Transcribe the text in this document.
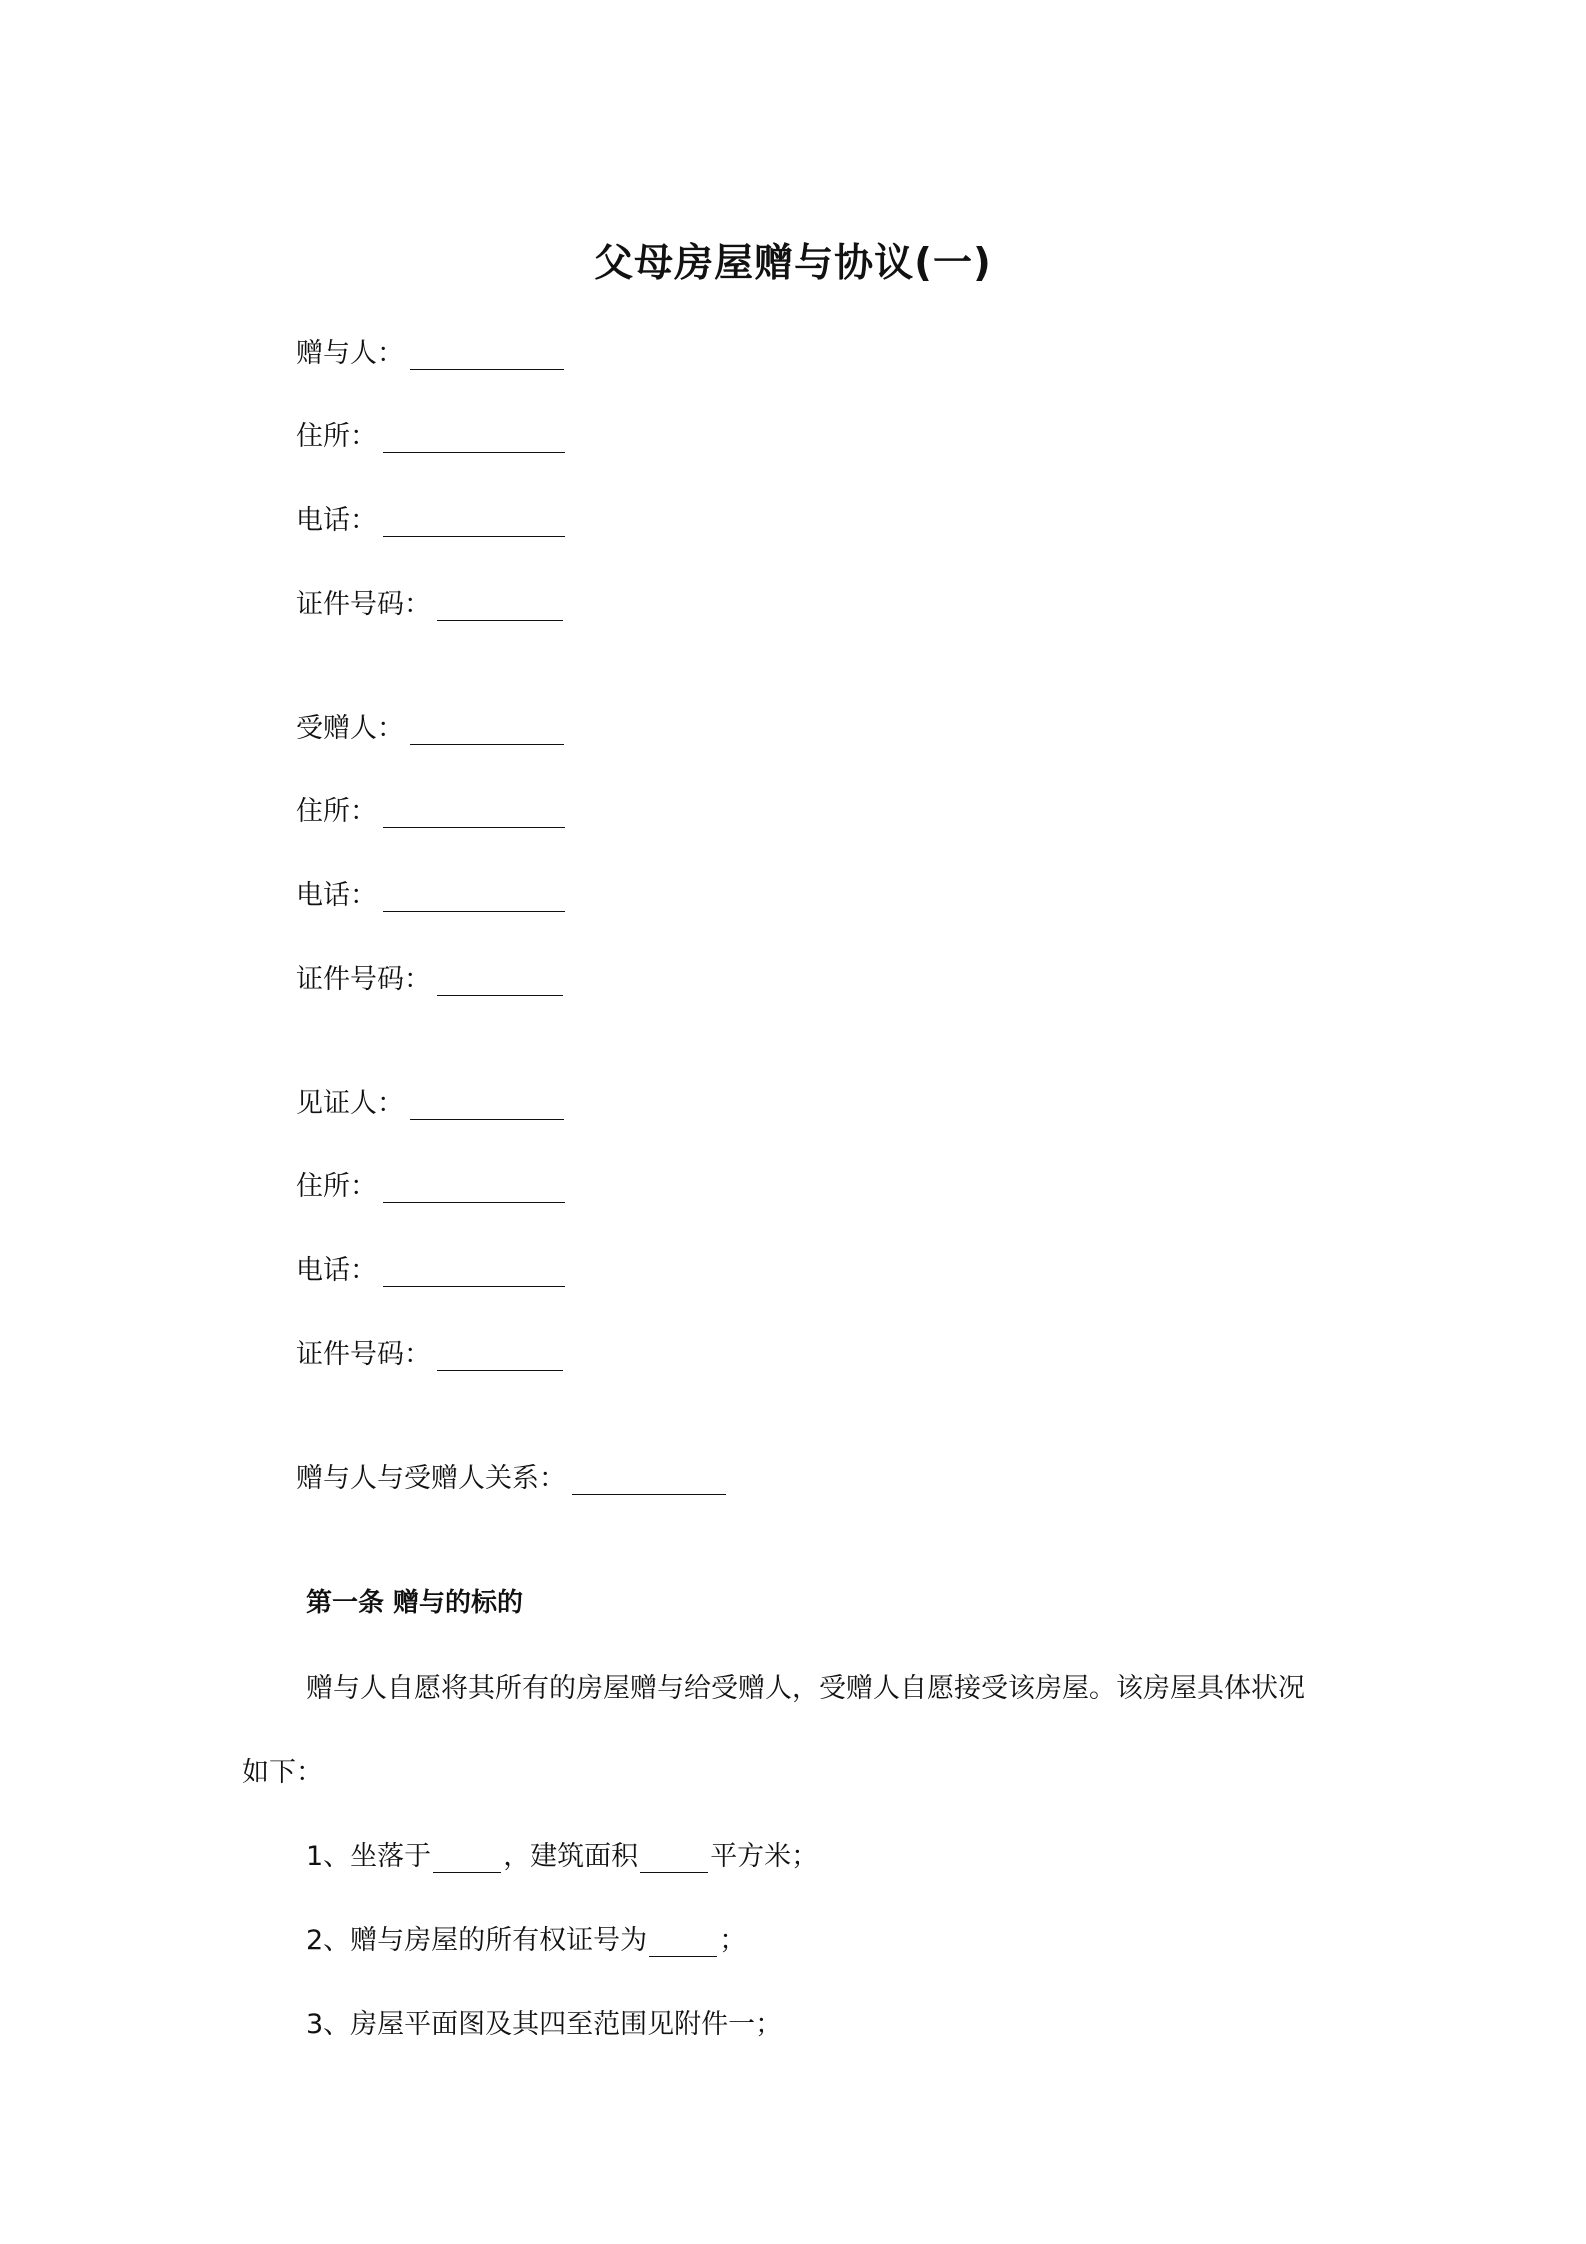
父母房屋赠与协议(一)
赠与人：
住所：
电话：
证件号码：
受赠人：
住所：
电话：
证件号码：
见证人：
住所：
电话：
证件号码：
赠与人与受赠人关系：
第一条 赠与的标的
赠与人自愿将其所有的房屋赠与给受赠人，受赠人自愿接受该房屋。该房屋具体状况
如下：
1、坐落于	，建筑面积	平方米；
2、赠与房屋的所有权证号为	；
3、房屋平面图及其四至范围见附件一；
